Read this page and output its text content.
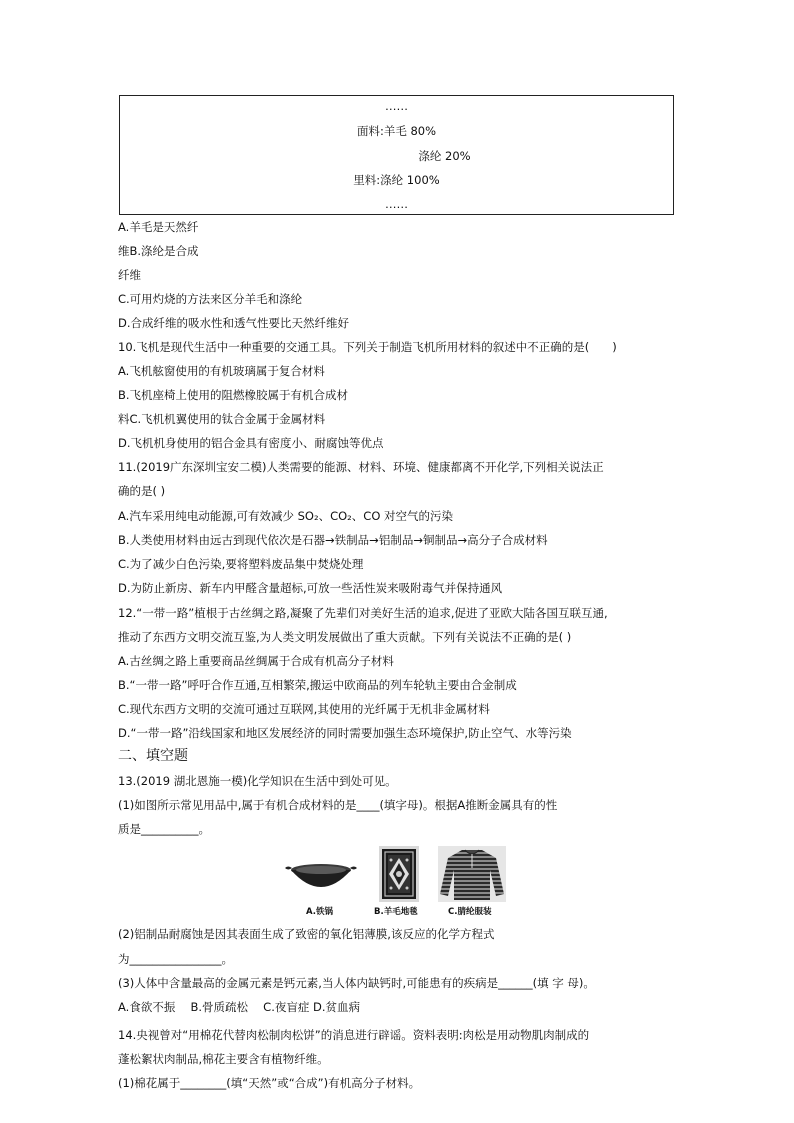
……
面料:羊毛 80%
涤纶 20%
里料:涤纶 100%
……
A.羊毛是天然纤
维B.涤纶是合成
纤维
C.可用灼烧的方法来区分羊毛和涤纶
D.合成纤维的吸水性和透气性要比天然纤维好
10.飞机是现代生活中一种重要的交通工具。下列关于制造飞机所用材料的叙述中不正确的是(　　)
A.飞机舷窗使用的有机玻璃属于复合材料
B.飞机座椅上使用的阻燃橡胶属于有机合成材
料C.飞机机翼使用的钛合金属于金属材料
D.飞机机身使用的铝合金具有密度小、耐腐蚀等优点
11.(2019广东深圳宝安二模)人类需要的能源、材料、环境、健康都离不开化学,下列相关说法正
确的是( )
A.汽车采用纯电动能源,可有效减少 SO₂、CO₂、CO 对空气的污染
B.人类使用材料由远古到现代依次是石器→铁制品→铝制品→铜制品→高分子合成材料
C.为了减少白色污染,要将塑料废品集中焚烧处理
D.为防止新房、新车内甲醛含量超标,可放一些活性炭来吸附毒气并保持通风
12.“一带一路”植根于古丝绸之路,凝聚了先辈们对美好生活的追求,促进了亚欧大陆各国互联互通,
推动了东西方文明交流互鉴,为人类文明发展做出了重大贡献。下列有关说法不正确的是( )
A.古丝绸之路上重要商品丝绸属于合成有机高分子材料
B.“一带一路”呼吁合作互通,互相繁荣,搬运中欧商品的列车轮轨主要由合金制成
C.现代东西方文明的交流可通过互联网,其使用的光纤属于无机非金属材料
D.“一带一路”沿线国家和地区发展经济的同时需要加强生态环境保护,防止空气、水等污染
二、填空题
13.(2019 湖北恩施一模)化学知识在生活中到处可见。
(1)如图所示常见用品中,属于有机合成材料的是____(填字母)。根据A推断金属具有的性
质是__________。
A.铁锅	B.羊毛地毯	C.腈纶服装
(2)铝制品耐腐蚀是因其表面生成了致密的氧化铝薄膜,该反应的化学方程式
为________________。
(3)人体中含量最高的金属元素是钙元素,当人体内缺钙时,可能患有的疾病是______(填 字 母)。
A.食欲不振　 B.骨质疏松　 C.夜盲症 D.贫血病
14.央视曾对“用棉花代替肉松制肉松饼”的消息进行辟谣。资料表明:肉松是用动物肌肉制成的
蓬松絮状肉制品,棉花主要含有植物纤维。
(1)棉花属于________(填“天然”或“合成”)有机高分子材料。
